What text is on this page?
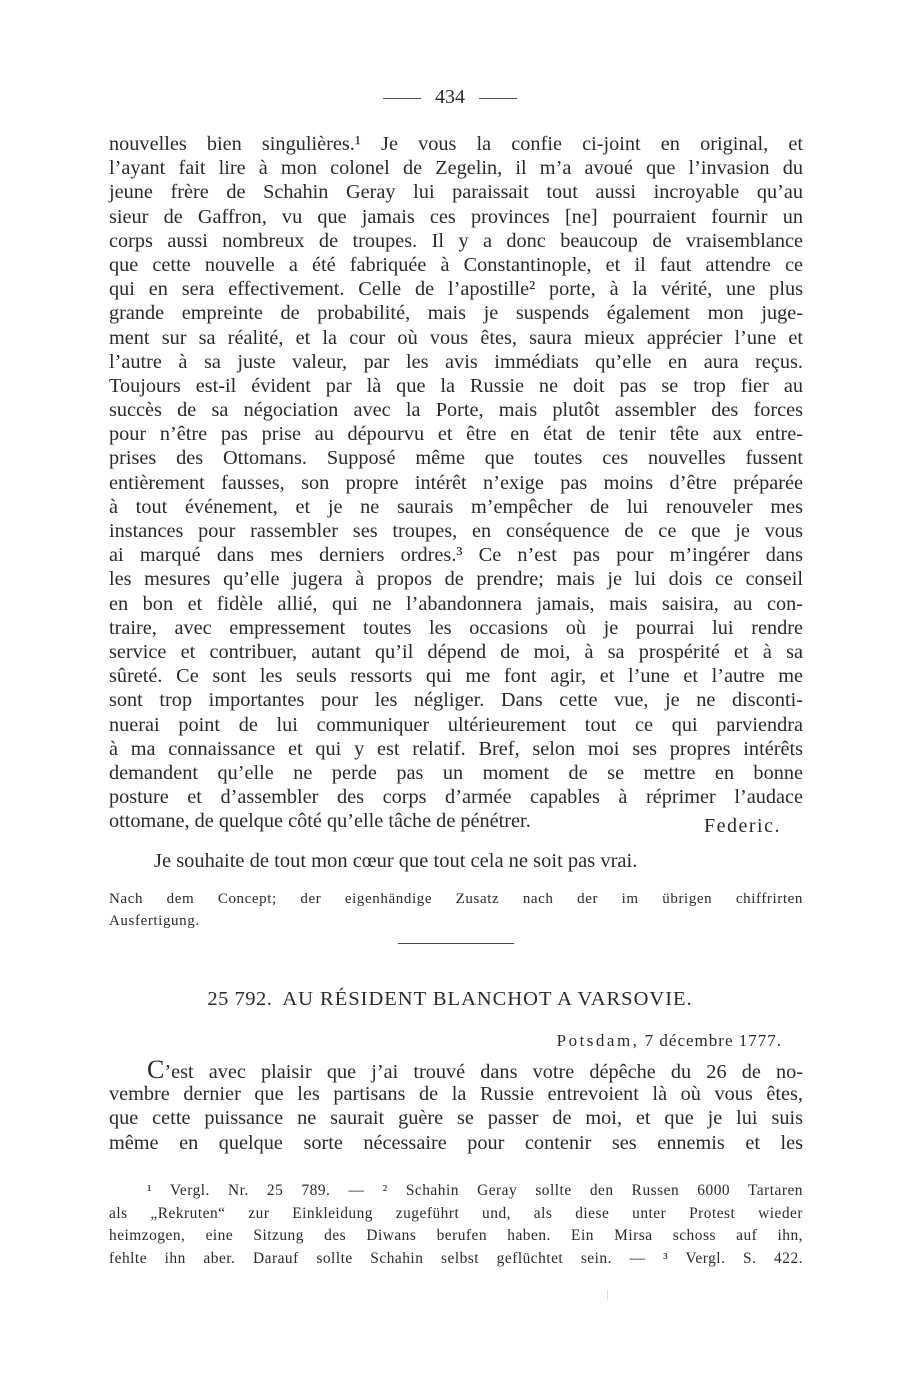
434
nouvelles bien singulières.¹ Je vous la confie ci-joint en original, et
l’ayant fait lire à mon colonel de Zegelin, il m’a avoué que l’invasion du
jeune frère de Schahin Geray lui paraissait tout aussi incroyable qu’au
sieur de Gaffron, vu que jamais ces provinces [ne] pourraient fournir un
corps aussi nombreux de troupes. Il y a donc beaucoup de vraisemblance
que cette nouvelle a été fabriquée à Constantinople, et il faut attendre ce
qui en sera effectivement. Celle de l’apostille² porte, à la vérité, une plus
grande empreinte de probabilité, mais je suspends également mon juge-
ment sur sa réalité, et la cour où vous êtes, saura mieux apprécier l’une et
l’autre à sa juste valeur, par les avis immédiats qu’elle en aura reçus.
Toujours est-il évident par là que la Russie ne doit pas se trop fier au
succès de sa négociation avec la Porte, mais plutôt assembler des forces
pour n’être pas prise au dépourvu et être en état de tenir tête aux entre-
prises des Ottomans. Supposé même que toutes ces nouvelles fussent
entièrement fausses, son propre intérêt n’exige pas moins d’être préparée
à tout événement, et je ne saurais m’empêcher de lui renouveler mes
instances pour rassembler ses troupes, en conséquence de ce que je vous
ai marqué dans mes derniers ordres.³ Ce n’est pas pour m’ingérer dans
les mesures qu’elle jugera à propos de prendre; mais je lui dois ce conseil
en bon et fidèle allié, qui ne l’abandonnera jamais, mais saisira, au con-
traire, avec empressement toutes les occasions où je pourrai lui rendre
service et contribuer, autant qu’il dépend de moi, à sa prospérité et à sa
sûreté. Ce sont les seuls ressorts qui me font agir, et l’une et l’autre me
sont trop importantes pour les négliger. Dans cette vue, je ne disconti-
nuerai point de lui communiquer ultérieurement tout ce qui parviendra
à ma connaissance et qui y est relatif. Bref, selon moi ses propres intérêts
demandent qu’elle ne perde pas un moment de se mettre en bonne
posture et d’assembler des corps d’armée capables à réprimer l’audace
ottomane, de quelque côté qu’elle tâche de pénétrer.	Federic.
Je souhaite de tout mon cœur que tout cela ne soit pas vrai.
Nach dem Concept; der eigenhändige Zusatz nach der im übrigen chiffrirten
Ausfertigung.
25 792. AU RÉSIDENT BLANCHOT A VARSOVIE.
Potsdam, 7 décembre 1777.
C’est avec plaisir que j’ai trouvé dans votre dépêche du 26 de no-
vembre dernier que les partisans de la Russie entrevoient là où vous êtes,
que cette puissance ne saurait guère se passer de moi, et que je lui suis
même en quelque sorte nécessaire pour contenir ses ennemis et les
¹ Vergl. Nr. 25 789. — ² Schahin Geray sollte den Russen 6000 Tartaren
als „Rekruten“ zur Einkleidung zugeführt und, als diese unter Protest wieder
heimzogen, eine Sitzung des Diwans berufen haben. Ein Mirsa schoss auf ihn,
fehlte ihn aber. Darauf sollte Schahin selbst geflüchtet sein. — ³ Vergl. S. 422.
